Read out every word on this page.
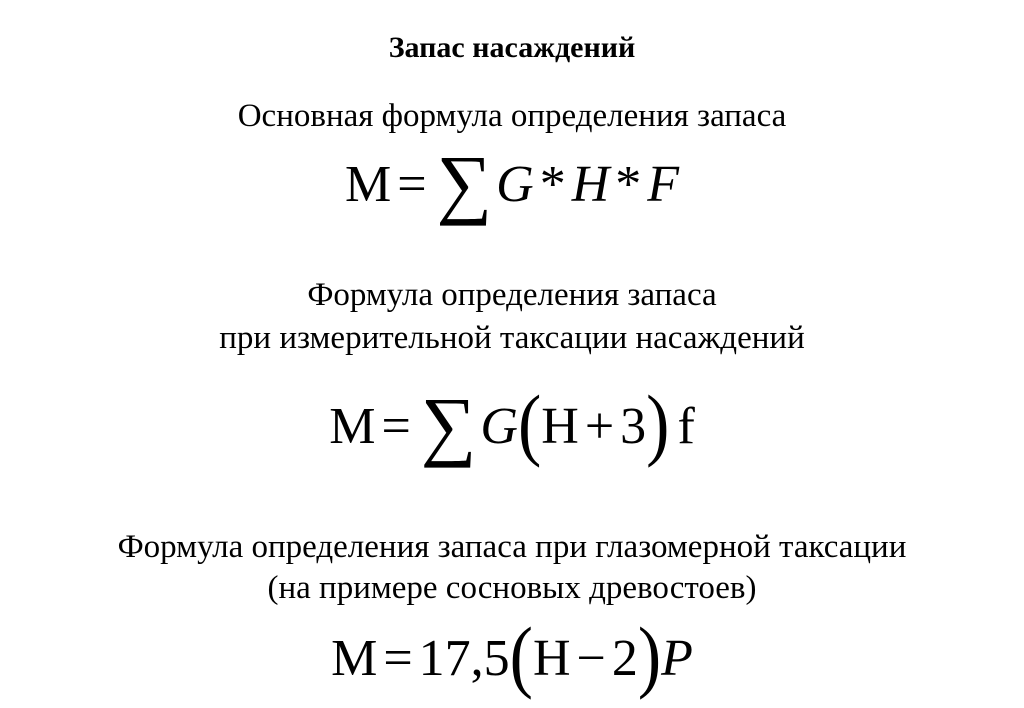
Запас насаждений
Основная формула определения запаса
M = ∑G * H * F
Формула определения запаса
при измерительной таксации насаждений
M = ∑G(H + 3) f
Формула определения запаса при глазомерной таксации
(на примере сосновых древостоев)
M = 17,5(H − 2)P
